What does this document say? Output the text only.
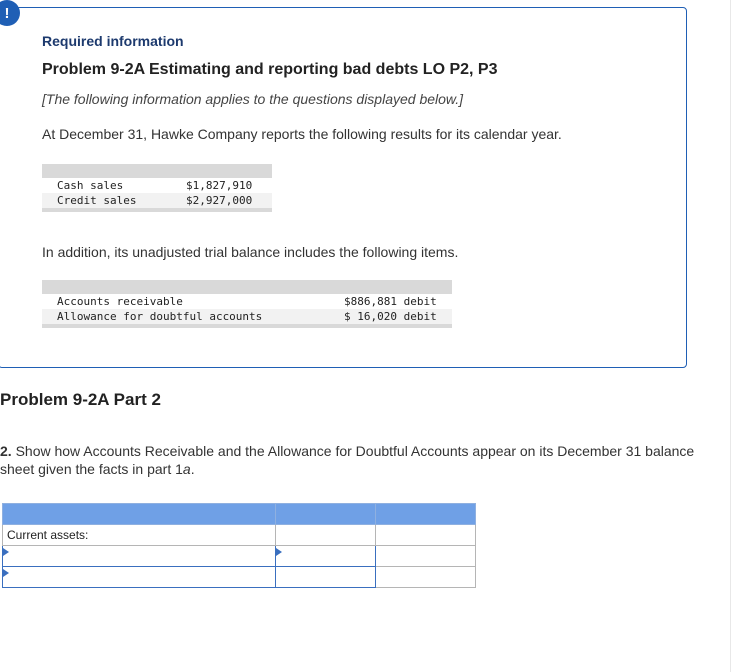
!
Required information
Problem 9-2A Estimating and reporting bad debts LO P2, P3
[The following information applies to the questions displayed below.]
At December 31, Hawke Company reports the following results for its calendar year.
Cash sales	$1,827,910
Credit sales	$2,927,000
In addition, its unadjusted trial balance includes the following items.
Accounts receivable	$886,881 debit
Allowance for doubtful accounts	$ 16,020 debit
Problem 9-2A Part 2
2. Show how Accounts Receivable and the Allowance for Doubtful Accounts appear on its December 31 balance sheet given the facts in part 1a.

Current assets:		
